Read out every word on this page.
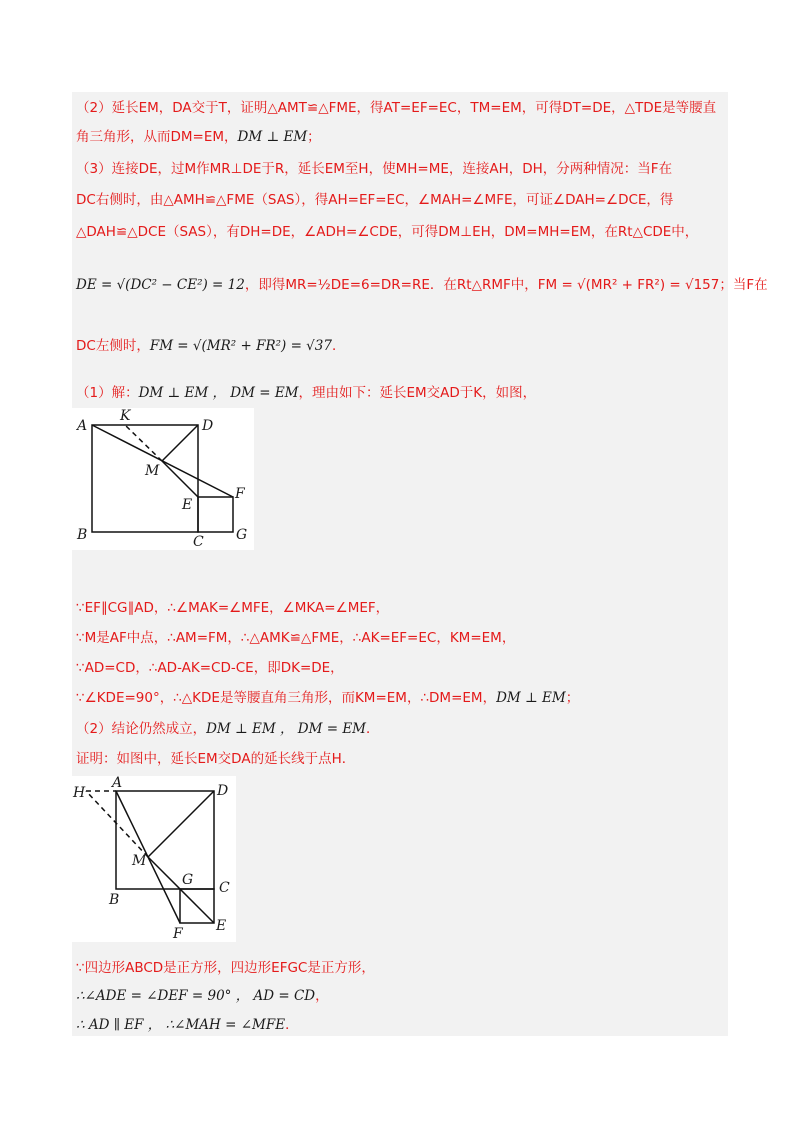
（2）延长EM，DA交于T，证明△AMT≌△FME，得AT=EF=EC，TM=EM，可得DT=DE，△TDE是等腰直
角三角形，从而DM=EM，DM ⊥ EM；
（3）连接DE，过M作MR⊥DE于R，延长EM至H，使MH=ME，连接AH，DH，分两种情况：当F在
DC右侧时，由△AMH≌△FME（SAS），得AH=EF=EC，∠MAH=∠MFE，可证∠DAH=∠DCE，得
△DAH≌△DCE（SAS），有DH=DE，∠ADH=∠CDE，可得DM⊥EH，DM=MH=EM，在Rt△CDE中，
DE = √(DC² − CE²) = 12，即得MR=½DE=6=DR=RE．在Rt△RMF中，FM = √(MR² + FR²) = √157；当F在
DC左侧时，FM = √(MR² + FR²) = √37．
（1）解：DM ⊥ EM ， DM = EM，理由如下：延长EM交AD于K，如图，
A
K
D
M
E
F
B	C G
∵EF∥CG∥AD，∴∠MAK=∠MFE，∠MKA=∠MEF，
∵M是AF中点，∴AM=FM，∴△AMK≌△FME，∴AK=EF=EC，KM=EM，
∵AD=CD，∴AD-AK=CD-CE，即DK=DE，
∵∠KDE=90°，∴△KDE是等腰直角三角形，而KM=EM，∴DM=EM，DM ⊥ EM；
（2）结论仍然成立，DM ⊥ EM ， DM = EM．
证明：如图中，延长EM交DA的延长线于点H．
H
A	D
M
G C
B
E
F
∵四边形ABCD是正方形，四边形EFGC是正方形，
∴∠ADE = ∠DEF = 90° ， AD = CD，
∴ AD ∥ EF ， ∴∠MAH = ∠MFE．
